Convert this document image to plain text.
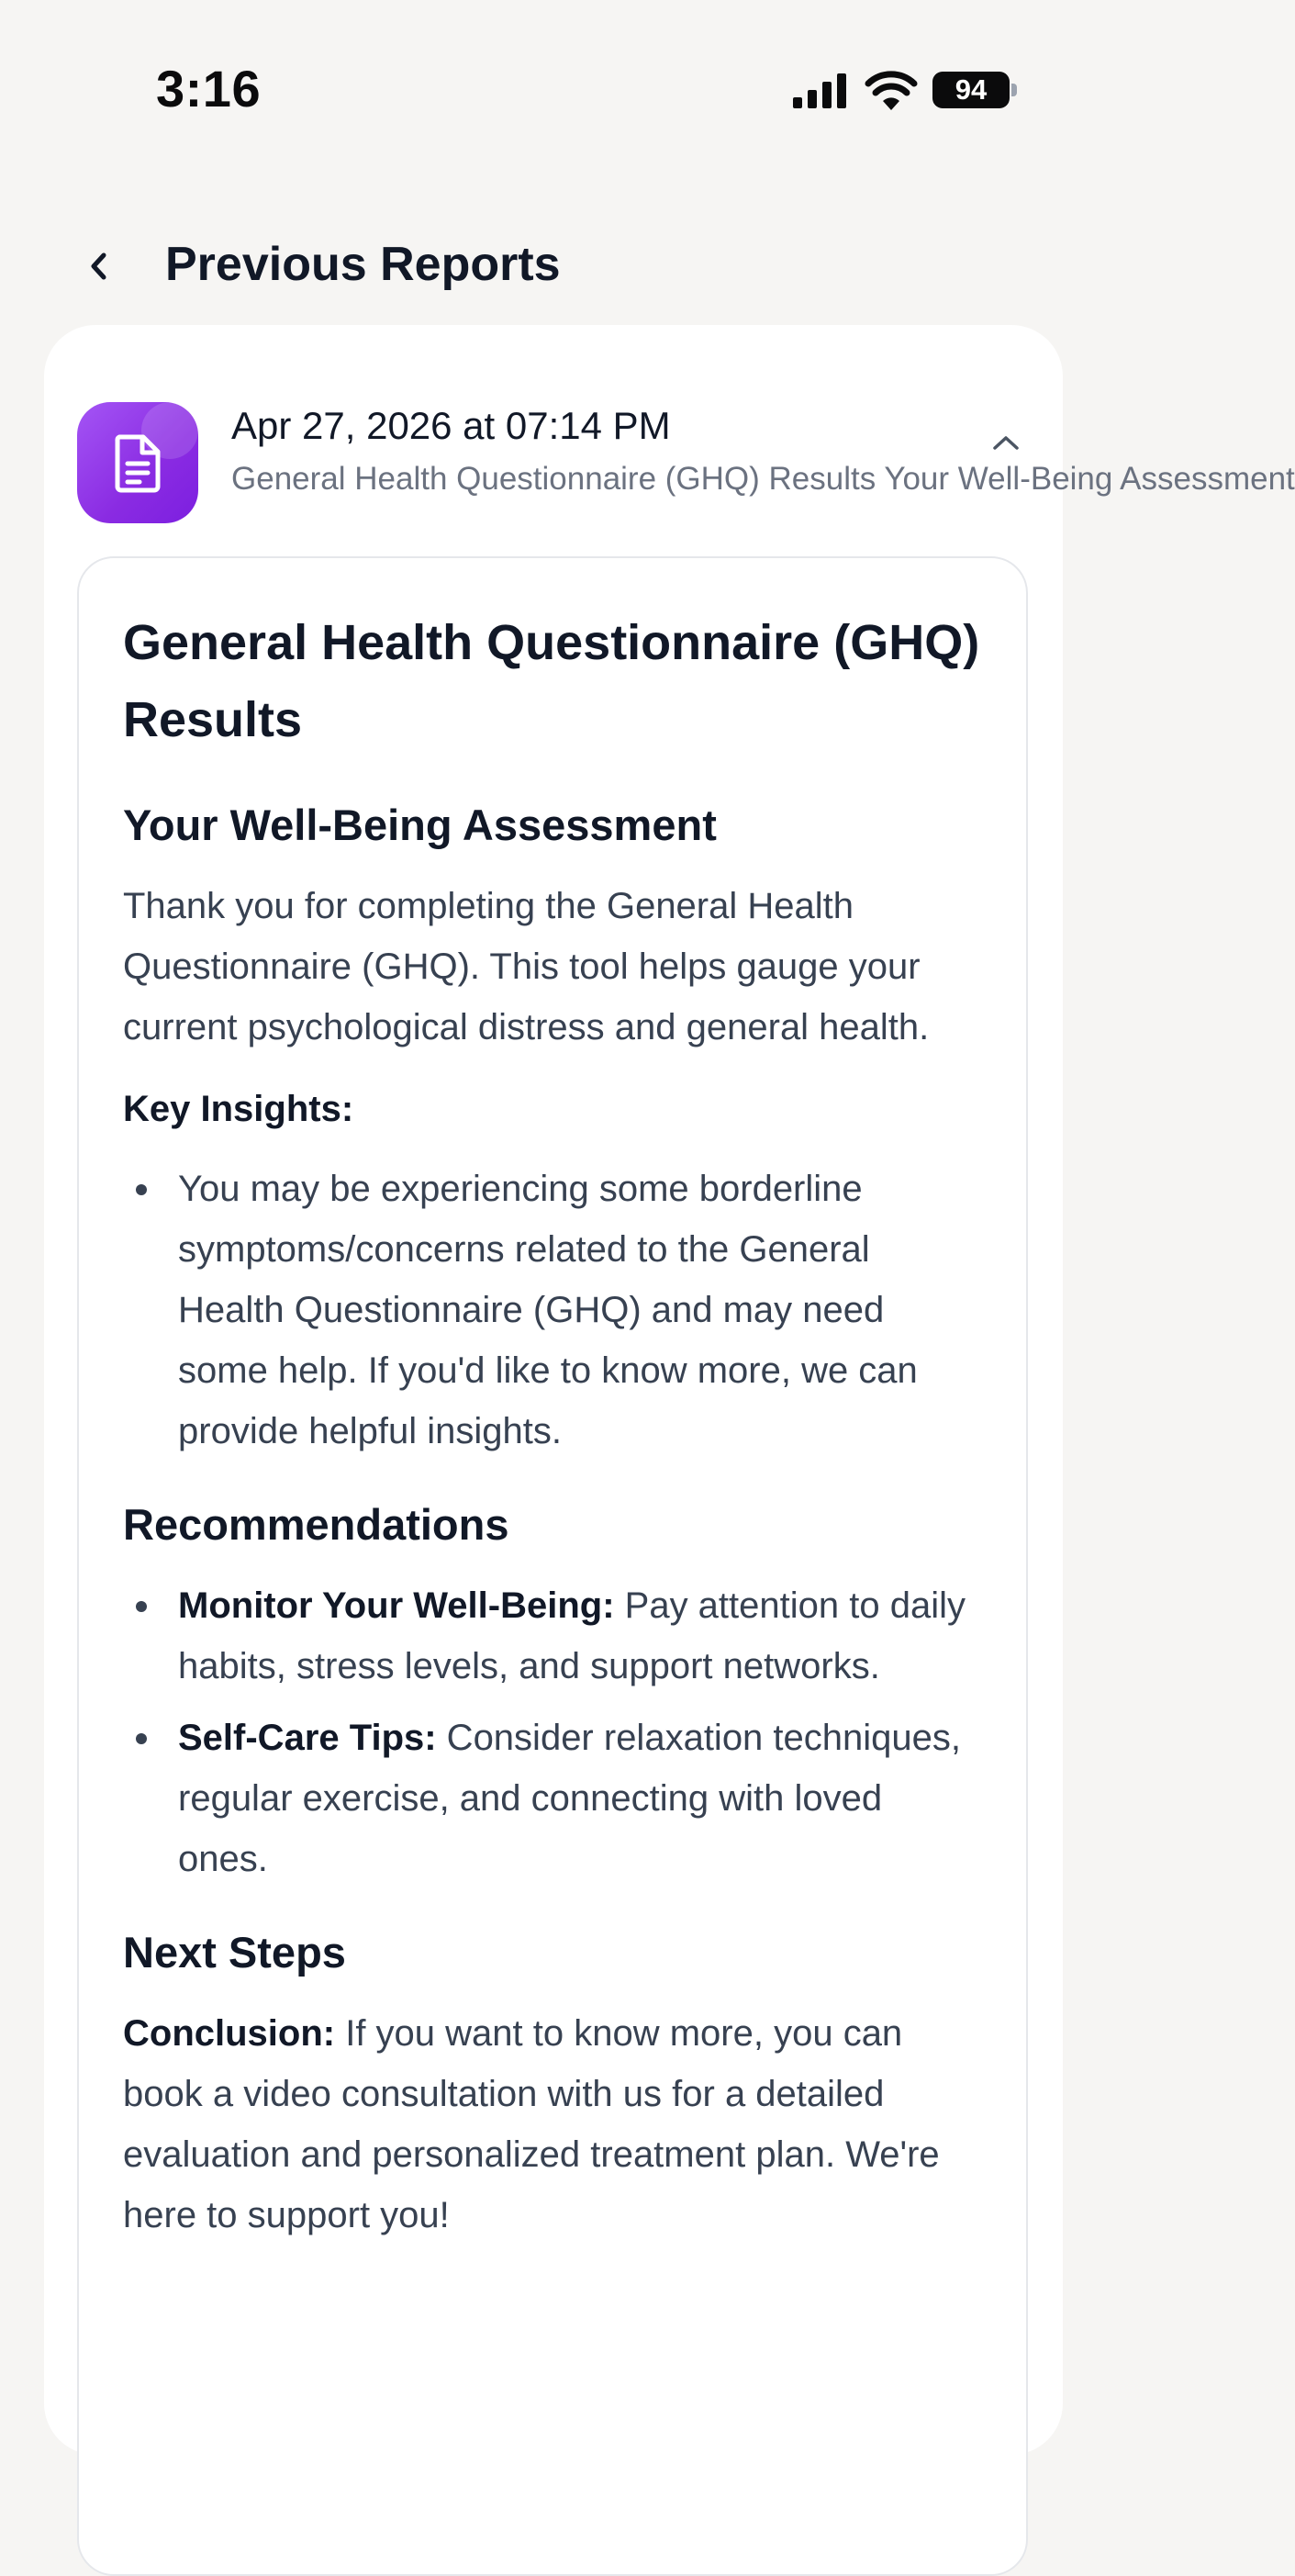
3:16	94
Previous Reports
Apr 27, 2026 at 07:14 PM
General Health Questionnaire (GHQ) Results Your Well-Being Assessment
General Health Questionnaire (GHQ) Results
Your Well-Being Assessment
Thank you for completing the General Health Questionnaire (GHQ). This tool helps gauge your current psychological distress and general health.
Key Insights:
You may be experiencing some borderline symptoms/concerns related to the General Health Questionnaire (GHQ) and may need some help. If you'd like to know more, we can provide helpful insights.
Recommendations
Monitor Your Well-Being: Pay attention to daily habits, stress levels, and support networks.
Self-Care Tips: Consider relaxation techniques, regular exercise, and connecting with loved ones.
Next Steps
Conclusion: If you want to know more, you can book a video consultation with us for a detailed evaluation and personalized treatment plan. We're here to support you!
